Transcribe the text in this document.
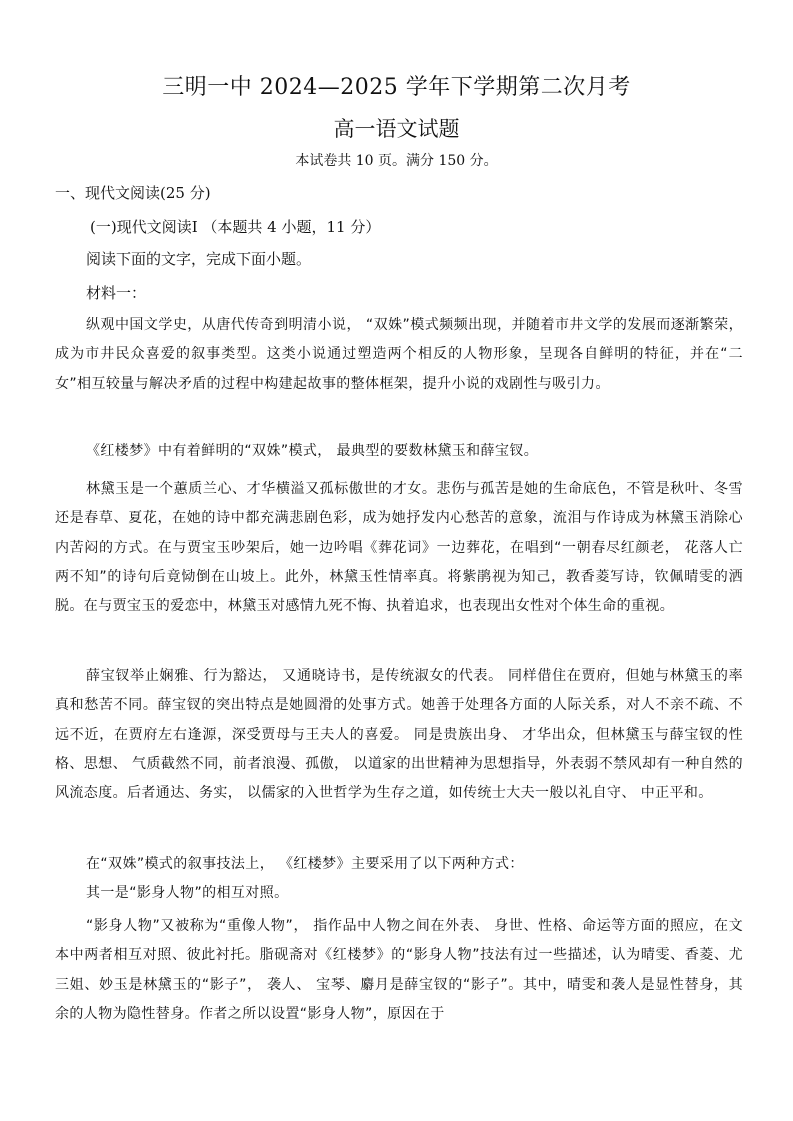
三明一中 2024—2025 学年下学期第二次月考
高一语文试题
本试卷共 10 页。满分 150 分。
一、现代文阅读(25 分)
(一)现代文阅读Ⅰ （本题共 4 小题，11 分）
阅读下面的文字，完成下面小题。
材料一：
纵观中国文学史，从唐代传奇到明清小说， “双姝”模式频频出现，并随着市井文学的发展而逐渐繁荣，成为市井民众喜爱的叙事类型。这类小说通过塑造两个相反的人物形象，呈现各自鲜明的特征，并在“二女”相互较量与解决矛盾的过程中构建起故事的整体框架，提升小说的戏剧性与吸引力。
《红楼梦》中有着鲜明的“双姝”模式， 最典型的要数林黛玉和薛宝钗。
林黛玉是一个蕙质兰心、才华横溢又孤标傲世的才女。悲伤与孤苦是她的生命底色，不管是秋叶、冬雪还是春草、夏花，在她的诗中都充满悲剧色彩，成为她抒发内心愁苦的意象，流泪与作诗成为林黛玉消除心内苦闷的方式。在与贾宝玉吵架后，她一边吟唱《葬花词》一边葬花，在唱到“一朝春尽红颜老， 花落人亡两不知”的诗句后竟恸倒在山坡上。此外，林黛玉性情率真。将紫鹃视为知己，教香菱写诗，钦佩晴雯的洒脱。在与贾宝玉的爱恋中，林黛玉对感情九死不悔、执着追求，也表现出女性对个体生命的重视。
薛宝钗举止娴雅、行为豁达， 又通晓诗书，是传统淑女的代表。 同样借住在贾府，但她与林黛玉的率真和愁苦不同。薛宝钗的突出特点是她圆滑的处事方式。她善于处理各方面的人际关系，对人不亲不疏、不远不近，在贾府左右逢源，深受贾母与王夫人的喜爱。 同是贵族出身、 才华出众，但林黛玉与薛宝钗的性格、思想、 气质截然不同，前者浪漫、孤傲， 以道家的出世精神为思想指导，外表弱不禁风却有一种自然的风流态度。后者通达、务实， 以儒家的入世哲学为生存之道，如传统士大夫一般以礼自守、 中正平和。
在“双姝”模式的叙事技法上， 《红楼梦》主要采用了以下两种方式：
其一是“影身人物”的相互对照。
“影身人物”又被称为“重像人物”， 指作品中人物之间在外表、 身世、性格、命运等方面的照应，在文本中两者相互对照、彼此衬托。脂砚斋对《红楼梦》的“影身人物”技法有过一些描述，认为晴雯、香菱、尤三姐、妙玉是林黛玉的“影子”， 袭人、 宝琴、麝月是薛宝钗的“影子”。其中，晴雯和袭人是显性替身，其余的人物为隐性替身。作者之所以设置“影身人物”，原因在于
